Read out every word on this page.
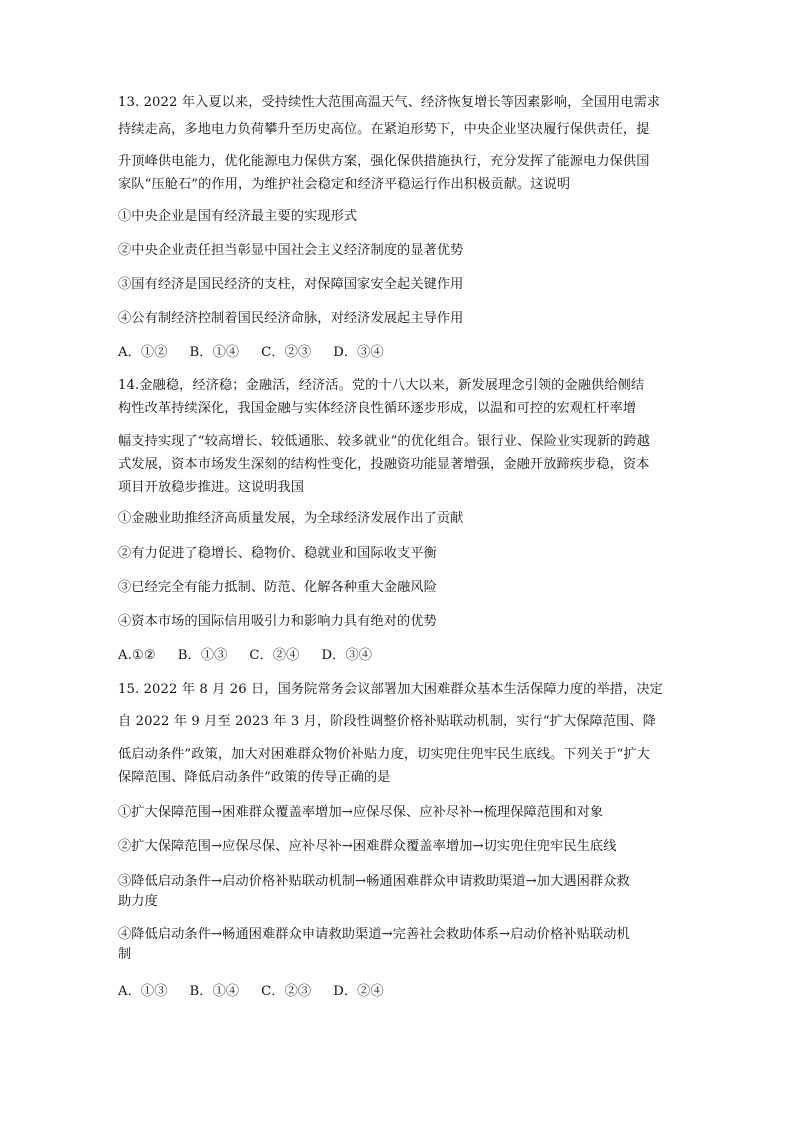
13. 2022 年入夏以来，受持续性大范围高温天气、经济恢复增长等因素影响，全国用电需求
持续走高，多地电力负荷攀升至历史高位。在紧迫形势下，中央企业坚决履行保供责任，提
升顶峰供电能力，优化能源电力保供方案，强化保供措施执行，充分发挥了能源电力保供国
家队“压舱石”的作用，为维护社会稳定和经济平稳运行作出积极贡献。这说明
①中央企业是国有经济最主要的实现形式
②中央企业责任担当彰显中国社会主义经济制度的显著优势
③国有经济是国民经济的支柱，对保障国家安全起关键作用
④公有制经济控制着国民经济命脉，对经济发展起主导作用
A．①② B．①④ C．②③ D．③④
14.金融稳，经济稳；金融活，经济活。党的十八大以来，新发展理念引领的金融供给侧结
构性改革持续深化，我国金融与实体经济良性循环逐步形成，以温和可控的宏观杠杆率增
幅支持实现了“较高增长、较低通胀、较多就业”的优化组合。银行业、保险业实现新的跨越
式发展，资本市场发生深刻的结构性变化，投融资功能显著增强，金融开放蹄疾步稳，资本
项目开放稳步推进。这说明我国
①金融业助推经济高质量发展，为全球经济发展作出了贡献
②有力促进了稳增长、稳物价、稳就业和国际收支平衡
③已经完全有能力抵制、防范、化解各种重大金融风险
④资本市场的国际信用吸引力和影响力具有绝对的优势
A.①② B．①③ C．②④ D．③④
15. 2022 年 8 月 26 日，国务院常务会议部署加大困难群众基本生活保障力度的举措，决定
自 2022 年 9 月至 2023 年 3 月，阶段性调整价格补贴联动机制，实行“扩大保障范围、降
低启动条件”政策，加大对困难群众物价补贴力度，切实兜住兜牢民生底线。下列关于“扩大
保障范围、降低启动条件”政策的传导正确的是
①扩大保障范围→困难群众覆盖率增加→应保尽保、应补尽补→梳理保障范围和对象
②扩大保障范围→应保尽保、应补尽补→困难群众覆盖率增加→切实兜住兜牢民生底线
③降低启动条件→启动价格补贴联动机制→畅通困难群众申请救助渠道→加大遇困群众救
助力度
④降低启动条件→畅通困难群众申请救助渠道→完善社会救助体系→启动价格补贴联动机
制
A．①③ B．①④ C．②③ D．②④
